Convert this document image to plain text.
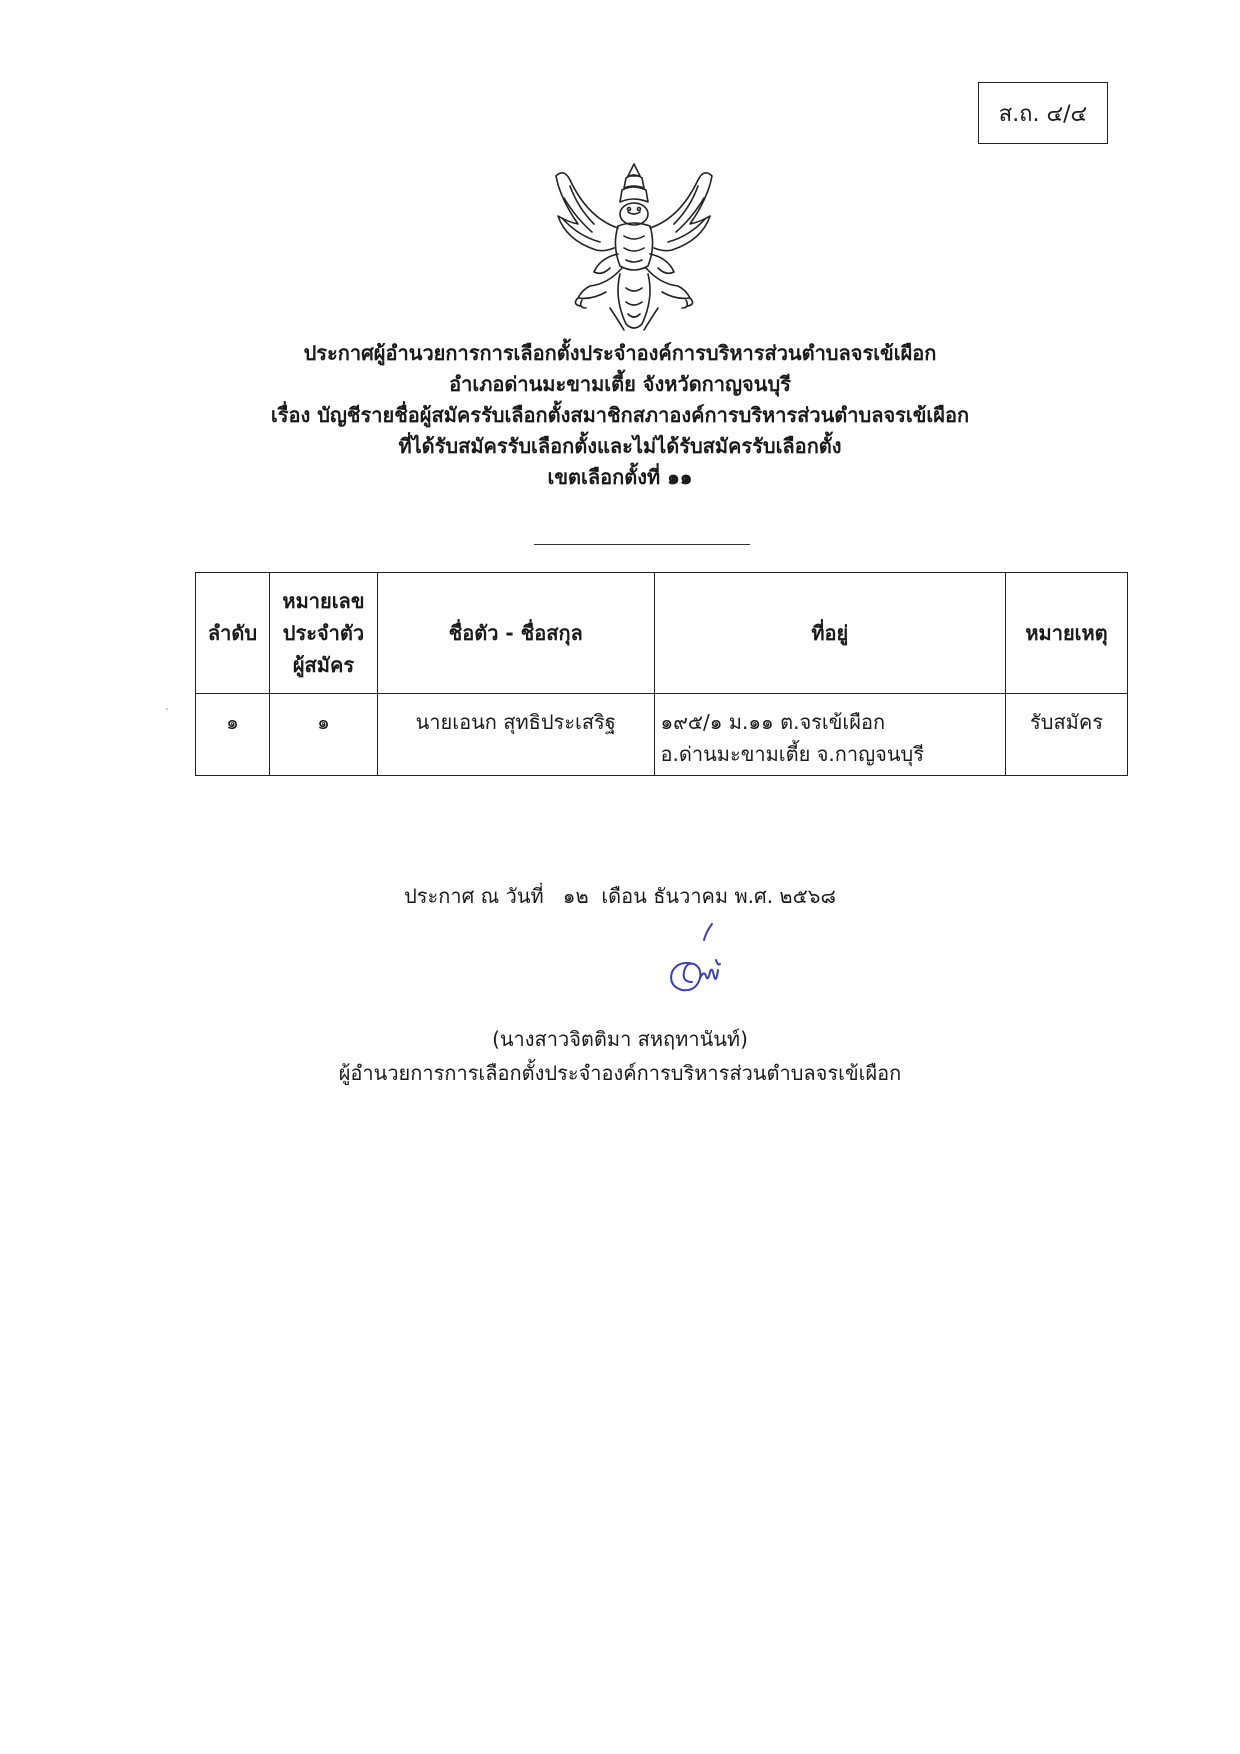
ส.ถ. ๔/๔
ประกาศผู้อำนวยการการเลือกตั้งประจำองค์การบริหารส่วนตำบลจรเข้เผือก
อำเภอด่านมะขามเตี้ย จังหวัดกาญจนบุรี
เรื่อง บัญชีรายชื่อผู้สมัครรับเลือกตั้งสมาชิกสภาองค์การบริหารส่วนตำบลจรเข้เผือก
ที่ได้รับสมัครรับเลือกตั้งและไม่ได้รับสมัครรับเลือกตั้ง
เขตเลือกตั้งที่ ๑๑
ลำดับ	หมายเลข
ประจำตัว
ผู้สมัคร	ชื่อตัว - ชื่อสกุล	ที่อยู่	หมายเหตุ
๑	๑	นายเอนก สุทธิประเสริฐ	๑๙๕/๑ ม.๑๑ ต.จรเข้เผือก
อ.ด่านมะขามเตี้ย จ.กาญจนบุรี	รับสมัคร
ประกาศ ณ วันที่   ๑๒  เดือน ธันวาคม พ.ศ. ๒๕๖๘
(นางสาวจิตติมา สหฤทานันท์)
ผู้อำนวยการการเลือกตั้งประจำองค์การบริหารส่วนตำบลจรเข้เผือก
